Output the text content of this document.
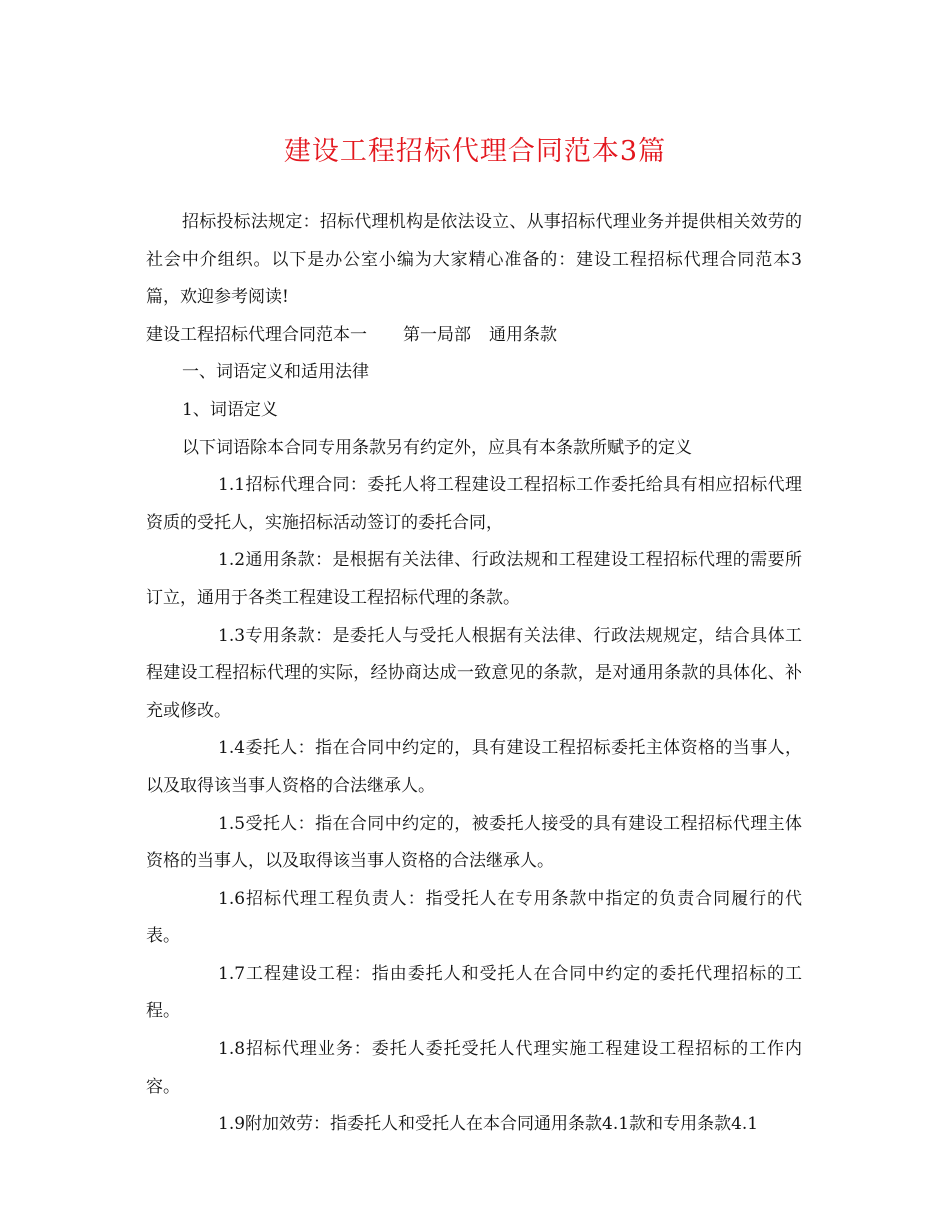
建设工程招标代理合同范本3篇

招标投标法规定：招标代理机构是依法设立、从事招标代理业务并提供相关效劳的社会中介组织。以下是办公室小编为大家精心准备的：建设工程招标代理合同范本3篇，欢迎参考阅读!

建设工程招标代理合同范本一 第一局部 通用条款

一、词语定义和适用法律

1、词语定义

以下词语除本合同专用条款另有约定外，应具有本条款所赋予的定义

1.1招标代理合同：委托人将工程建设工程招标工作委托给具有相应招标代理资质的受托人，实施招标活动签订的委托合同，

1.2通用条款：是根据有关法律、行政法规和工程建设工程招标代理的需要所订立，通用于各类工程建设工程招标代理的条款。

1.3专用条款：是委托人与受托人根据有关法律、行政法规规定，结合具体工程建设工程招标代理的实际，经协商达成一致意见的条款，是对通用条款的具体化、补充或修改。

1.4委托人：指在合同中约定的，具有建设工程招标委托主体资格的当事人，以及取得该当事人资格的合法继承人。

1.5受托人：指在合同中约定的，被委托人接受的具有建设工程招标代理主体资格的当事人，以及取得该当事人资格的合法继承人。

1.6招标代理工程负责人：指受托人在专用条款中指定的负责合同履行的代表。

1.7工程建设工程：指由委托人和受托人在合同中约定的委托代理招标的工程。

1.8招标代理业务：委托人委托受托人代理实施工程建设工程招标的工作内容。

1.9附加效劳：指委托人和受托人在本合同通用条款4.1款和专用条款4.1
